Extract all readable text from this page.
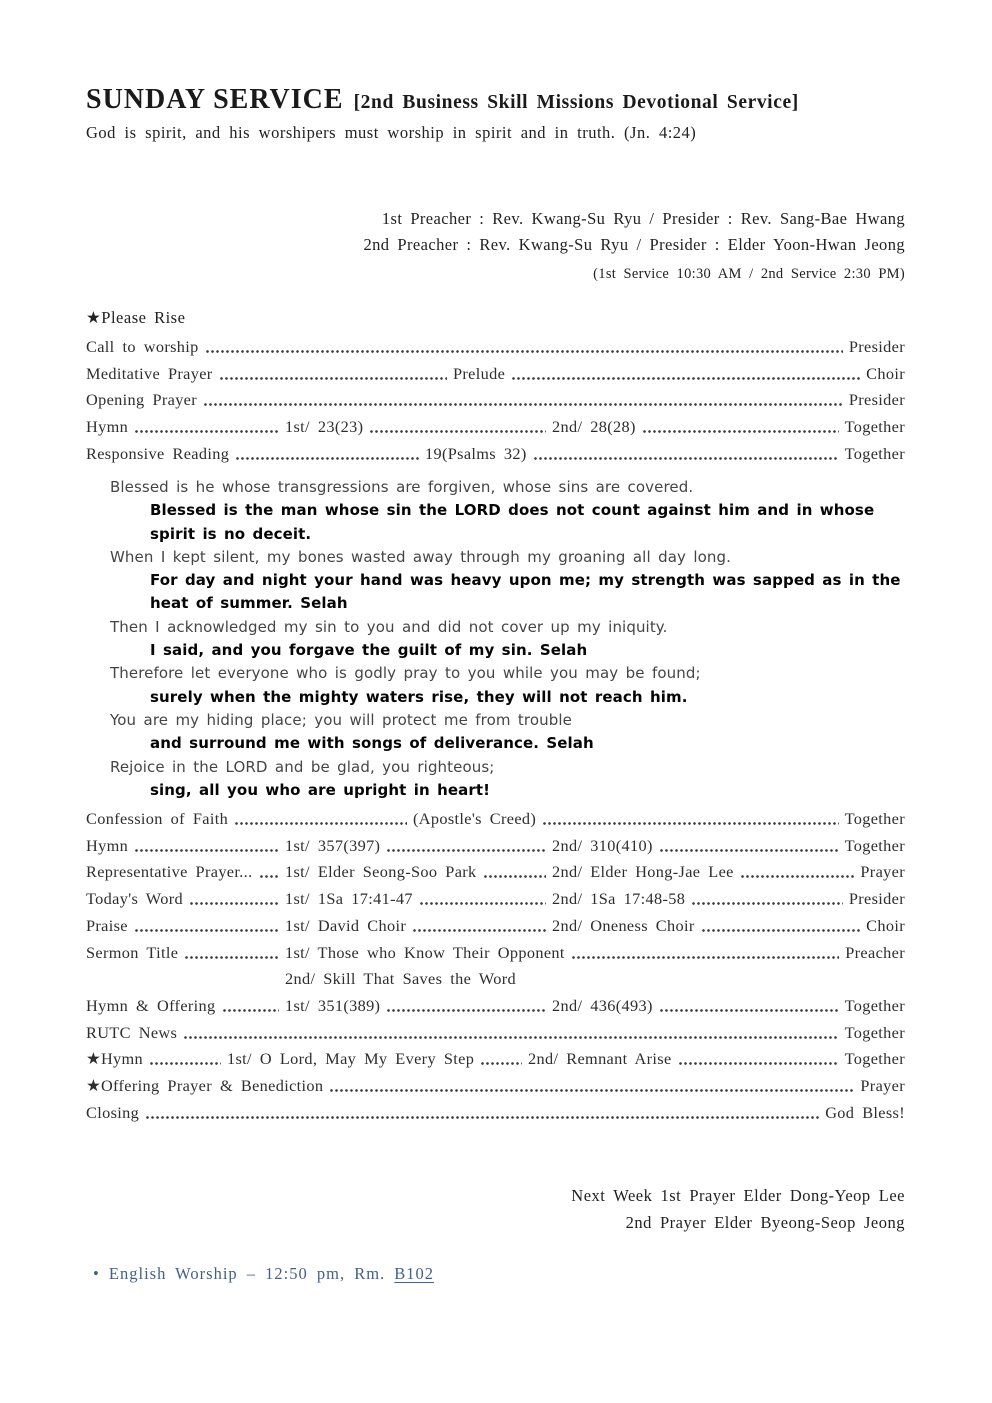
SUNDAY SERVICE [2nd Business Skill Missions Devotional Service]
God is spirit, and his worshipers must worship in spirit and in truth. (Jn. 4:24)
1st Preacher : Rev. Kwang-Su Ryu / Presider : Rev. Sang-Bae Hwang
2nd Preacher : Rev. Kwang-Su Ryu / Presider : Elder Yoon-Hwan Jeong
(1st Service 10:30 AM / 2nd Service 2:30 PM)
★Please Rise
Call to worship	Presider
Meditative Prayer	Prelude	Choir
Opening Prayer	Presider
Hymn	1st/ 23(23)	2nd/ 28(28)	Together
Responsive Reading	19(Psalms 32)	Together

Blessed is he whose transgressions are forgiven, whose sins are covered.

Blessed is the man whose sin the LORD does not count against him and in whose

spirit is no deceit.

When I kept silent, my bones wasted away through my groaning all day long.

For day and night your hand was heavy upon me; my strength was sapped as in the

heat of summer. Selah

Then I acknowledged my sin to you and did not cover up my iniquity.

I said, and you forgave the guilt of my sin. Selah

Therefore let everyone who is godly pray to you while you may be found;

surely when the mighty waters rise, they will not reach him.

You are my hiding place; you will protect me from trouble

and surround me with songs of deliverance. Selah

Rejoice in the LORD and be glad, you righteous;

sing, all you who are upright in heart!

Confession of Faith	(Apostle's Creed)	Together
Hymn	1st/ 357(397)	2nd/ 310(410)	Together
Representative Prayer... 1st/ Elder Seong-Soo Park	2nd/ Elder Hong-Jae Lee	Prayer
Today's Word	1st/ 1Sa 17:41-47	2nd/ 1Sa 17:48-58	Presider
Praise	1st/ David Choir	2nd/ Oneness Choir	Choir
Sermon Title	1st/ Those who Know Their Opponent	Preacher
2nd/ Skill That Saves the Word
Hymn & Offering	1st/ 351(389)	2nd/ 436(493)	Together
RUTC News	Together
★Hymn	1st/ O Lord, May My Every Step	2nd/ Remnant Arise	Together
★Offering Prayer & Benediction	Prayer
Closing	God Bless!
Next Week 1st Prayer Elder Dong-Yeop Lee
2nd Prayer Elder Byeong-Seop Jeong
• English Worship – 12:50 pm, Rm. B102
